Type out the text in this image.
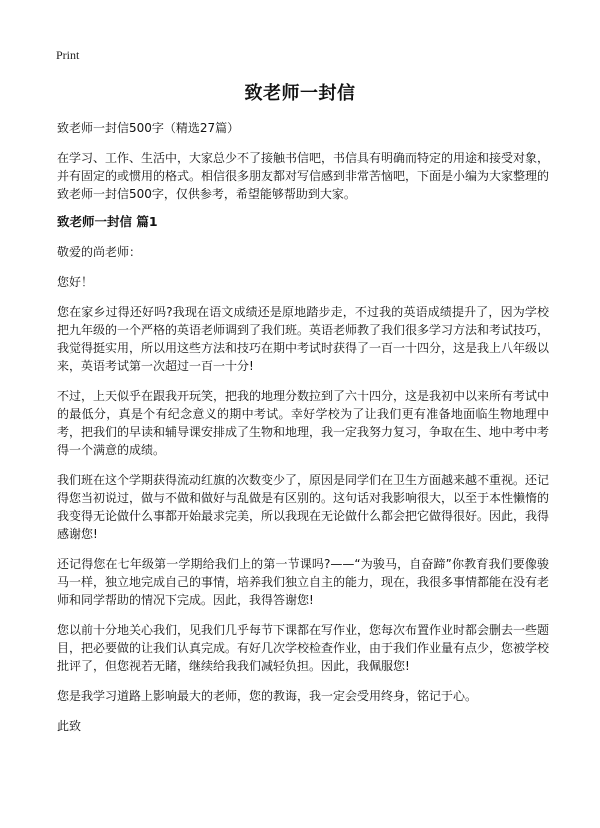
Print
致老师一封信

致老师一封信500字（精选27篇）

在学习、工作、生活中，大家总少不了接触书信吧，书信具有明确而特定的用途和接受对象，并有固定的或惯用的格式。相信很多朋友都对写信感到非常苦恼吧，下面是小编为大家整理的致老师一封信500字，仅供参考，希望能够帮助到大家。

致老师一封信 篇1

敬爱的尚老师：

您好！

您在家乡过得还好吗?我现在语文成绩还是原地踏步走，不过我的英语成绩提升了，因为学校把九年级的一个严格的英语老师调到了我们班。英语老师教了我们很多学习方法和考试技巧，我觉得挺实用，所以用这些方法和技巧在期中考试时获得了一百一十四分，这是我上八年级以来，英语考试第一次超过一百一十分!

不过，上天似乎在跟我开玩笑，把我的地理分数拉到了六十四分，这是我初中以来所有考试中的最低分，真是个有纪念意义的期中考试。幸好学校为了让我们更有准备地面临生物地理中考，把我们的早读和辅导课安排成了生物和地理，我一定我努力复习，争取在生、地中考中考得一个满意的成绩。

我们班在这个学期获得流动红旗的次数变少了，原因是同学们在卫生方面越来越不重视。还记得您当初说过，做与不做和做好与乱做是有区别的。这句话对我影响很大，以至于本性懒惰的我变得无论做什么事都开始最求完美，所以我现在无论做什么都会把它做得很好。因此，我得感谢您!

还记得您在七年级第一学期给我们上的第一节课吗?——“为骏马，自奋蹄”你教育我们要像骏马一样，独立地完成自己的事情，培养我们独立自主的能力，现在，我很多事情都能在没有老师和同学帮助的情况下完成。因此，我得答谢您!

您以前十分地关心我们，见我们几乎每节下课都在写作业，您每次布置作业时都会删去一些题目，把必要做的让我们认真完成。有好几次学校检查作业，由于我们作业量有点少，您被学校批评了，但您视若无睹，继续给我我们减轻负担。因此，我佩服您!

您是我学习道路上影响最大的老师，您的教诲，我一定会受用终身，铭记于心。

此致
